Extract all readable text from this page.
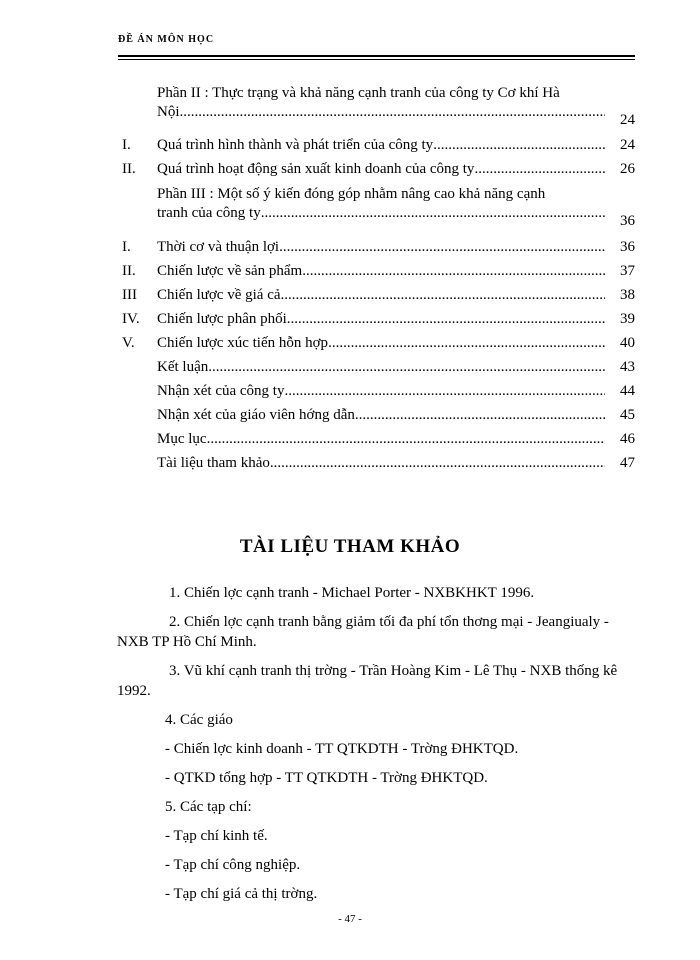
ĐỀ ÁN MÔN HỌC
Phần II : Thực trạng và khả năng cạnh tranh của công ty Cơ khí Hà
Nội .....	24
I. Quá trình hình thành và phát triển của công ty .....	24
II. Quá trình hoạt động sản xuất kinh doanh của công ty .....	26
Phần III : Một số ý kiến đóng góp nhằm nâng cao khả năng cạnh
tranh của công ty .....	36
I. Thời cơ và thuận lợi .....	36
II. Chiến lược về sản phẩm .....	37
III Chiến lược về giá cả .....	38
IV. Chiến lược phân phối .....	39
V. Chiến lược xúc tiến hỗn hợp .....	40
Kết luận .....	43
Nhận xét của công ty .....	44
Nhận xét của giáo viên hớng dẫn .....	45
Mục lục .....	46
Tài liệu tham khảo .....	47
TÀI LIỆU THAM KHẢO

1. Chiến lợc cạnh tranh - Michael Porter - NXBKHKT 1996.

2. Chiến lợc cạnh tranh bằng giảm tối đa phí tổn thơng mại - Jeangiualy - NXB TP Hồ Chí Minh.

3. Vũ khí cạnh tranh thị trờng - Trần Hoàng Kim - Lê Thụ - NXB thống kê 1992.

4. Các giáo

- Chiến lợc kinh doanh - TT QTKDTH - Trờng ĐHKTQD.

- QTKD tổng hợp - TT QTKDTH - Trờng ĐHKTQD.

5. Các tạp chí:

- Tạp chí kinh tế.

- Tạp chí công nghiệp.

- Tạp chí giá cả thị trờng.

- 47 -
